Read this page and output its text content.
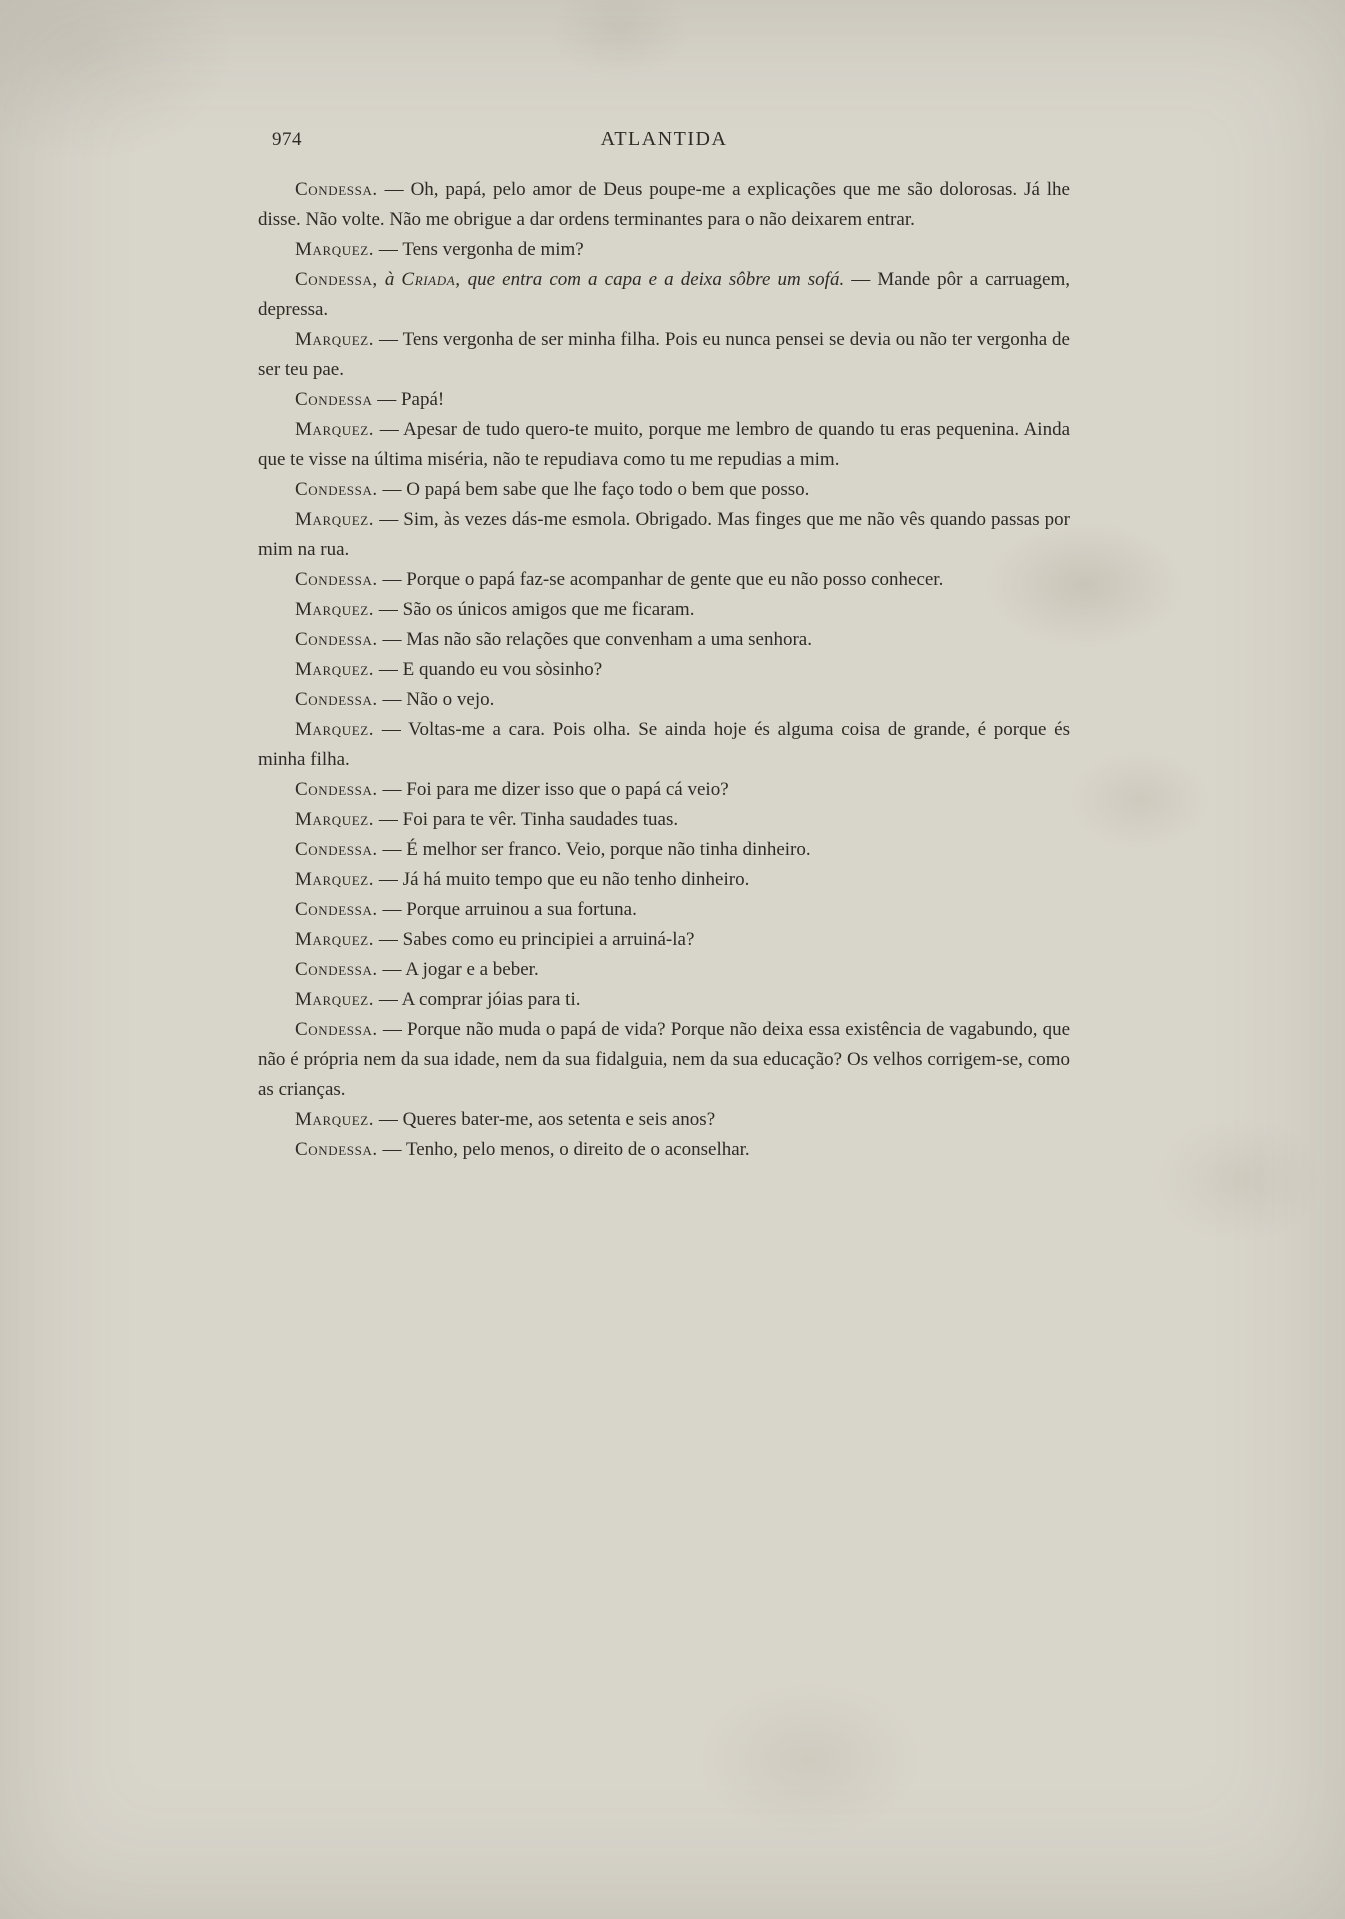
974	ATLANTIDA

Condessa. — Oh, papá, pelo amor de Deus poupe-me a explicações que me são dolorosas. Já lhe disse. Não volte. Não me obrigue a dar ordens terminantes para o não deixarem entrar.

Marquez. — Tens vergonha de mim?

Condessa, à Criada, que entra com a capa e a deixa sôbre um sofá. — Mande pôr a carruagem, depressa.

Marquez. — Tens vergonha de ser minha filha. Pois eu nunca pensei se devia ou não ter vergonha de ser teu pae.

Condessa — Papá!

Marquez. — Apesar de tudo quero-te muito, porque me lembro de quando tu eras pequenina. Ainda que te visse na última miséria, não te repudiava como tu me repudias a mim.

Condessa. — O papá bem sabe que lhe faço todo o bem que posso.

Marquez. — Sim, às vezes dás-me esmola. Obrigado. Mas finges que me não vês quando passas por mim na rua.

Condessa. — Porque o papá faz-se acompanhar de gente que eu não posso conhecer.

Marquez. — São os únicos amigos que me ficaram.

Condessa. — Mas não são relações que convenham a uma senhora.

Marquez. — E quando eu vou sòsinho?

Condessa. — Não o vejo.

Marquez. — Voltas-me a cara. Pois olha. Se ainda hoje és alguma coisa de grande, é porque és minha filha.

Condessa. — Foi para me dizer isso que o papá cá veio?

Marquez. — Foi para te vêr. Tinha saudades tuas.

Condessa. — É melhor ser franco. Veio, porque não tinha dinheiro.

Marquez. — Já há muito tempo que eu não tenho dinheiro.

Condessa. — Porque arruinou a sua fortuna.

Marquez. — Sabes como eu principiei a arruiná-la?

Condessa. — A jogar e a beber.

Marquez. — A comprar jóias para ti.

Condessa. — Porque não muda o papá de vida? Porque não deixa essa existência de vagabundo, que não é própria nem da sua idade, nem da sua fidalguia, nem da sua educação? Os velhos corrigem-se, como as crianças.

Marquez. — Queres bater-me, aos setenta e seis anos?

Condessa. — Tenho, pelo menos, o direito de o aconselhar.
